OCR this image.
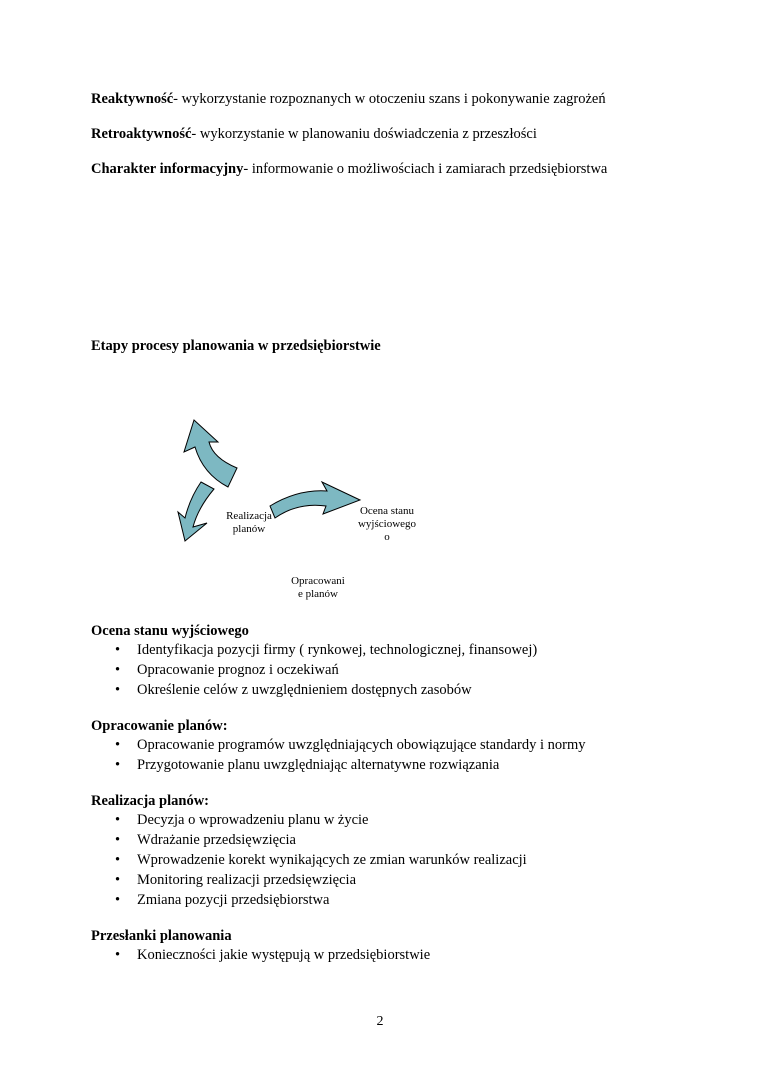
Reaktywność- wykorzystanie rozpoznanych w otoczeniu szans i pokonywanie zagrożeń
Retroaktywność- wykorzystanie w planowaniu doświadczenia z przeszłości
Charakter informacyjny- informowanie o możliwościach i zamiarach przedsiębiorstwa
Etapy procesy planowania w przedsiębiorstwie
Realizacja
planów
Ocena stanu
wyjściowego
o
Opracowani
e planów
Ocena stanu wyjściowego
• Identyfikacja pozycji firmy ( rynkowej, technologicznej, finansowej)
• Opracowanie prognoz i oczekiwań
• Określenie celów z uwzględnieniem dostępnych zasobów
Opracowanie planów:
• Opracowanie programów uwzględniających obowiązujące standardy i normy
• Przygotowanie planu uwzględniając alternatywne rozwiązania
Realizacja planów:
• Decyzja o wprowadzeniu planu w życie
• Wdrażanie przedsięwzięcia
• Wprowadzenie korekt wynikających ze zmian warunków realizacji
• Monitoring realizacji przedsięwzięcia
• Zmiana pozycji przedsiębiorstwa
Przesłanki planowania
• Konieczności jakie występują w przedsiębiorstwie
2
